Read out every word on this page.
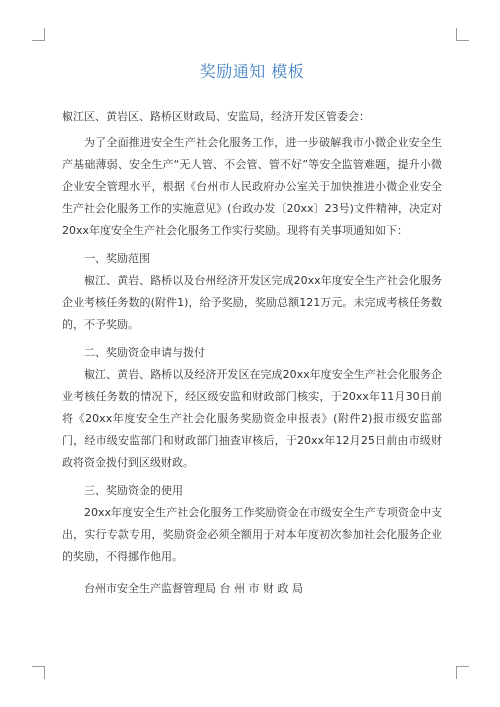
奖励通知 模板

椒江区、黄岩区、路桥区财政局、安监局，经济开发区管委会：

为了全面推进安全生产社会化服务工作，进一步破解我市小微企业安全生产基础薄弱、安全生产“无人管、不会管、管不好”等安全监管难题，提升小微企业安全管理水平，根据《台州市人民政府办公室关于加快推进小微企业安全生产社会化服务工作的实施意见》(台政办发〔20xx〕23号)文件精神，决定对20xx年度安全生产社会化服务工作实行奖励。现将有关事项通知如下：

一、奖励范围

椒江、黄岩、路桥以及台州经济开发区完成20xx年度安全生产社会化服务企业考核任务数的(附件1)，给予奖励，奖励总额121万元。未完成考核任务数的，不予奖励。

二、奖励资金申请与拨付

椒江、黄岩、路桥以及经济开发区在完成20xx年度安全生产社会化服务企业考核任务数的情况下，经区级安监和财政部门核实，于20xx年11月30日前将《20xx年度安全生产社会化服务奖励资金申报表》(附件2)报市级安监部门，经市级安监部门和财政部门抽查审核后，于20xx年12月25日前由市级财政将资金拨付到区级财政。

三、奖励资金的使用

20xx年度安全生产社会化服务工作奖励资金在市级安全生产专项资金中支出，实行专款专用，奖励资金必须全额用于对本年度初次参加社会化服务企业的奖励，不得挪作他用。

台州市安全生产监督管理局 台 州 市 财 政 局
